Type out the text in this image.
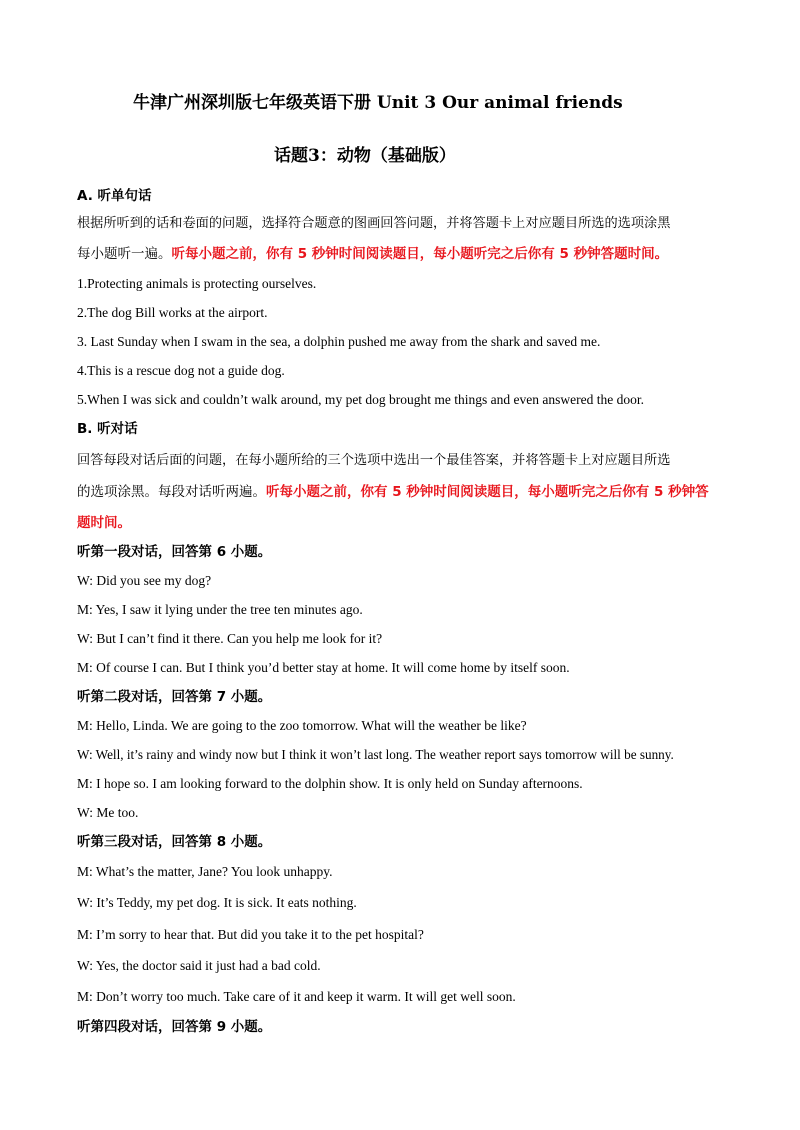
牛津广州深圳版七年级英语下册 Unit 3 Our animal friends
话题3：动物（基础版）
A. 听单句话
根据所听到的话和卷面的问题，选择符合题意的图画回答问题，并将答题卡上对应题目所选的选项涂黑
每小题听一遍。听每小题之前，你有 5 秒钟时间阅读题目，每小题听完之后你有 5 秒钟答题时间。
1.Protecting animals is protecting ourselves.
2.The dog Bill works at the airport.
3. Last Sunday when I swam in the sea, a dolphin pushed me away from the shark and saved me.
4.This is a rescue dog not a guide dog.
5.When I was sick and couldn’t walk around, my pet dog brought me things and even answered the door.
B. 听对话
回答每段对话后面的问题，在每小题所给的三个选项中选出一个最佳答案，并将答题卡上对应题目所选
的选项涂黑。每段对话听两遍。听每小题之前，你有 5 秒钟时间阅读题目，每小题听完之后你有 5 秒钟答
题时间。
听第一段对话，回答第 6 小题。
W: Did you see my dog?
M: Yes, I saw it lying under the tree ten minutes ago.
W: But I can’t find it there. Can you help me look for it?
M: Of course I can. But I think you’d better stay at home. It will come home by itself soon.
听第二段对话，回答第 7 小题。
M: Hello, Linda. We are going to the zoo tomorrow. What will the weather be like?
W: Well, it’s rainy and windy now but I think it won’t last long. The weather report says tomorrow will be sunny.
M: I hope so. I am looking forward to the dolphin show. It is only held on Sunday afternoons.
W: Me too.
听第三段对话，回答第 8 小题。
M: What’s the matter, Jane? You look unhappy.
W: It’s Teddy, my pet dog. It is sick. It eats nothing.
M: I’m sorry to hear that. But did you take it to the pet hospital?
W: Yes, the doctor said it just had a bad cold.
M: Don’t worry too much. Take care of it and keep it warm. It will get well soon.
听第四段对话，回答第 9 小题。
